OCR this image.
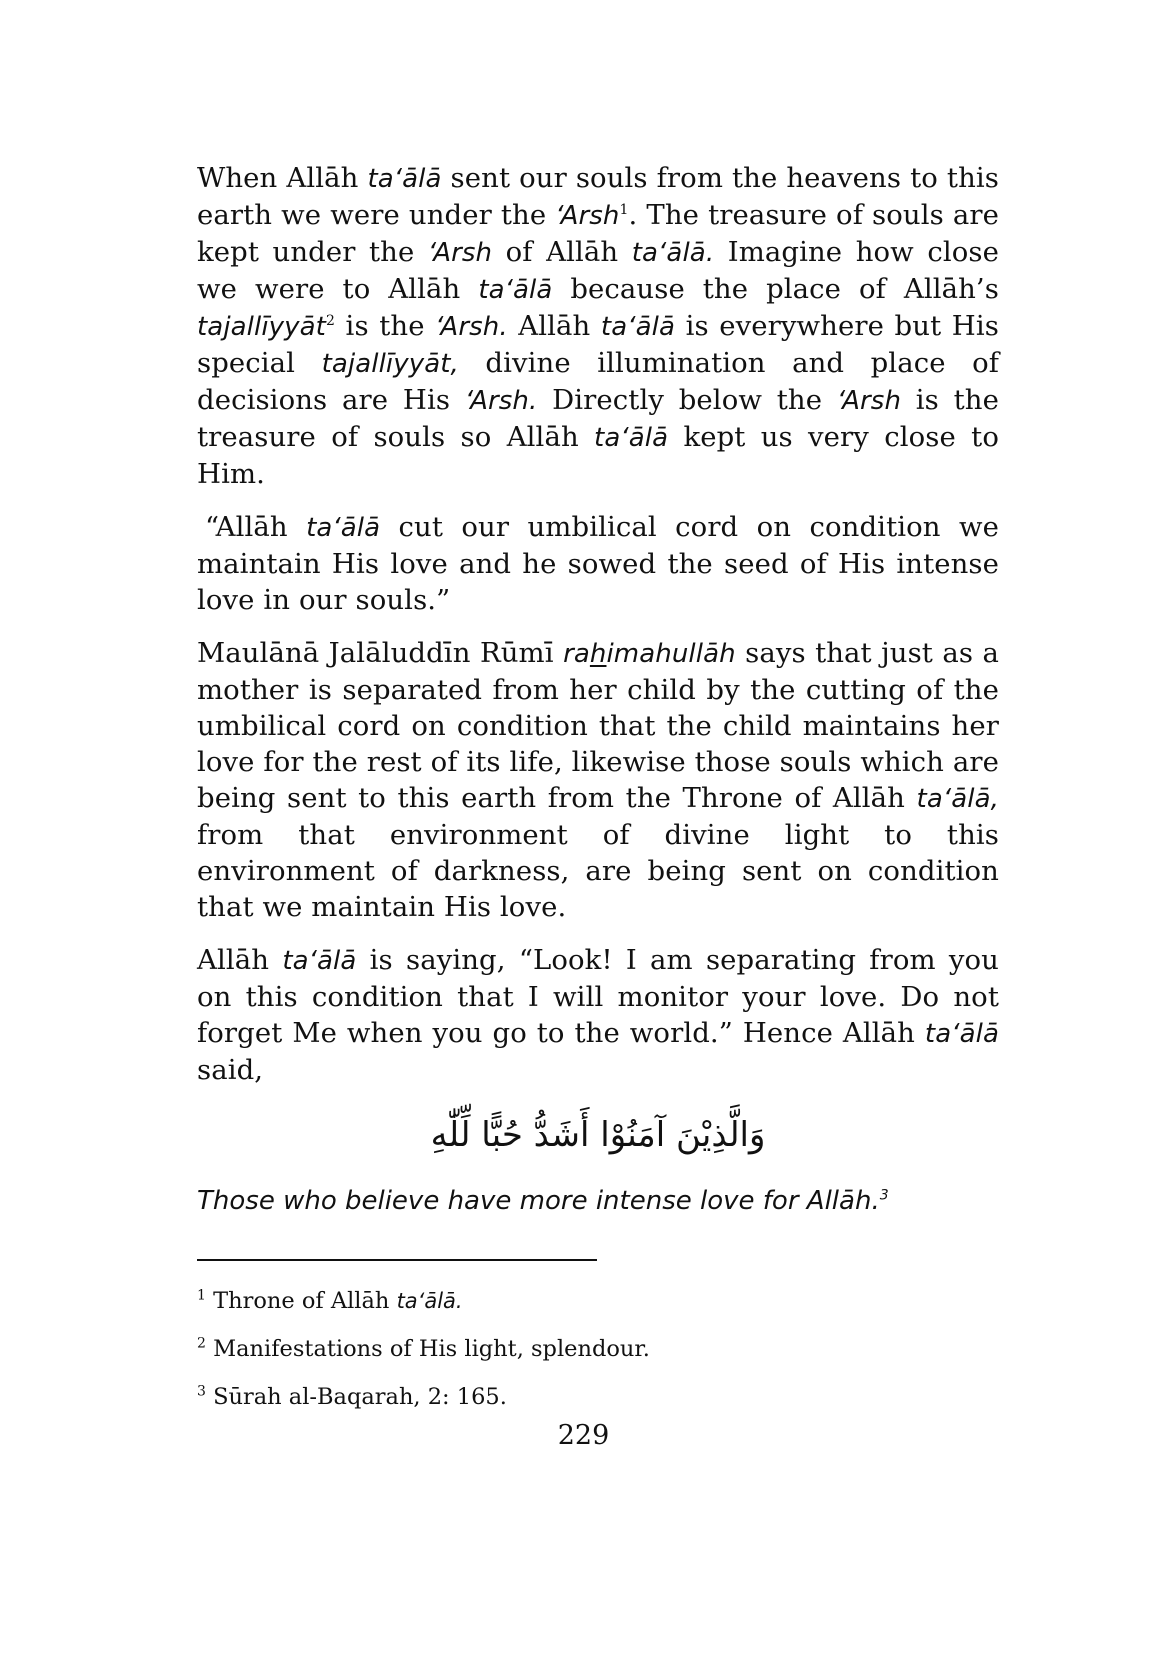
When Allāh ta‘ālā sent our souls from the heavens to this earth we were under the ‘Arsh$^1$. The treasure of souls are kept under the ‘Arsh of Allāh ta‘ālā. Imagine how close we were to Allāh ta‘ālā because the place of Allāh’s tajallīyyāt$^2$ is the ‘Arsh. Allāh ta‘ālā is everywhere but His special tajallīyyāt, divine illumination and place of decisions are His ‘Arsh. Directly below the ‘Arsh is the treasure of souls so Allāh ta‘ālā kept us very close to Him.

“Allāh ta‘ālā cut our umbilical cord on condition we maintain His love and he sowed the seed of His intense love in our souls.”

Maulānā Jalāluddīn Rūmī rahimahullāh says that just as a mother is separated from her child by the cutting of the umbilical cord on condition that the child maintains her love for the rest of its life, likewise those souls which are being sent to this earth from the Throne of Allāh ta‘ālā, from that environment of divine light to this environment of darkness, are being sent on condition that we maintain His love.

Allāh ta‘ālā is saying, “Look! I am separating from you on this condition that I will monitor your love. Do not forget Me when you go to the world.” Hence Allāh ta‘ālā said,

وَالَّذِيْنَ آمَنُوْا أَشَدُّ حُبًّا لِّلّٰهِ

Those who believe have more intense love for Allāh.$^3$

$^1$ Throne of Allāh ta‘ālā.

$^2$ Manifestations of His light, splendour.

$^3$ Sūrah al-Baqarah, 2: 165.

229
